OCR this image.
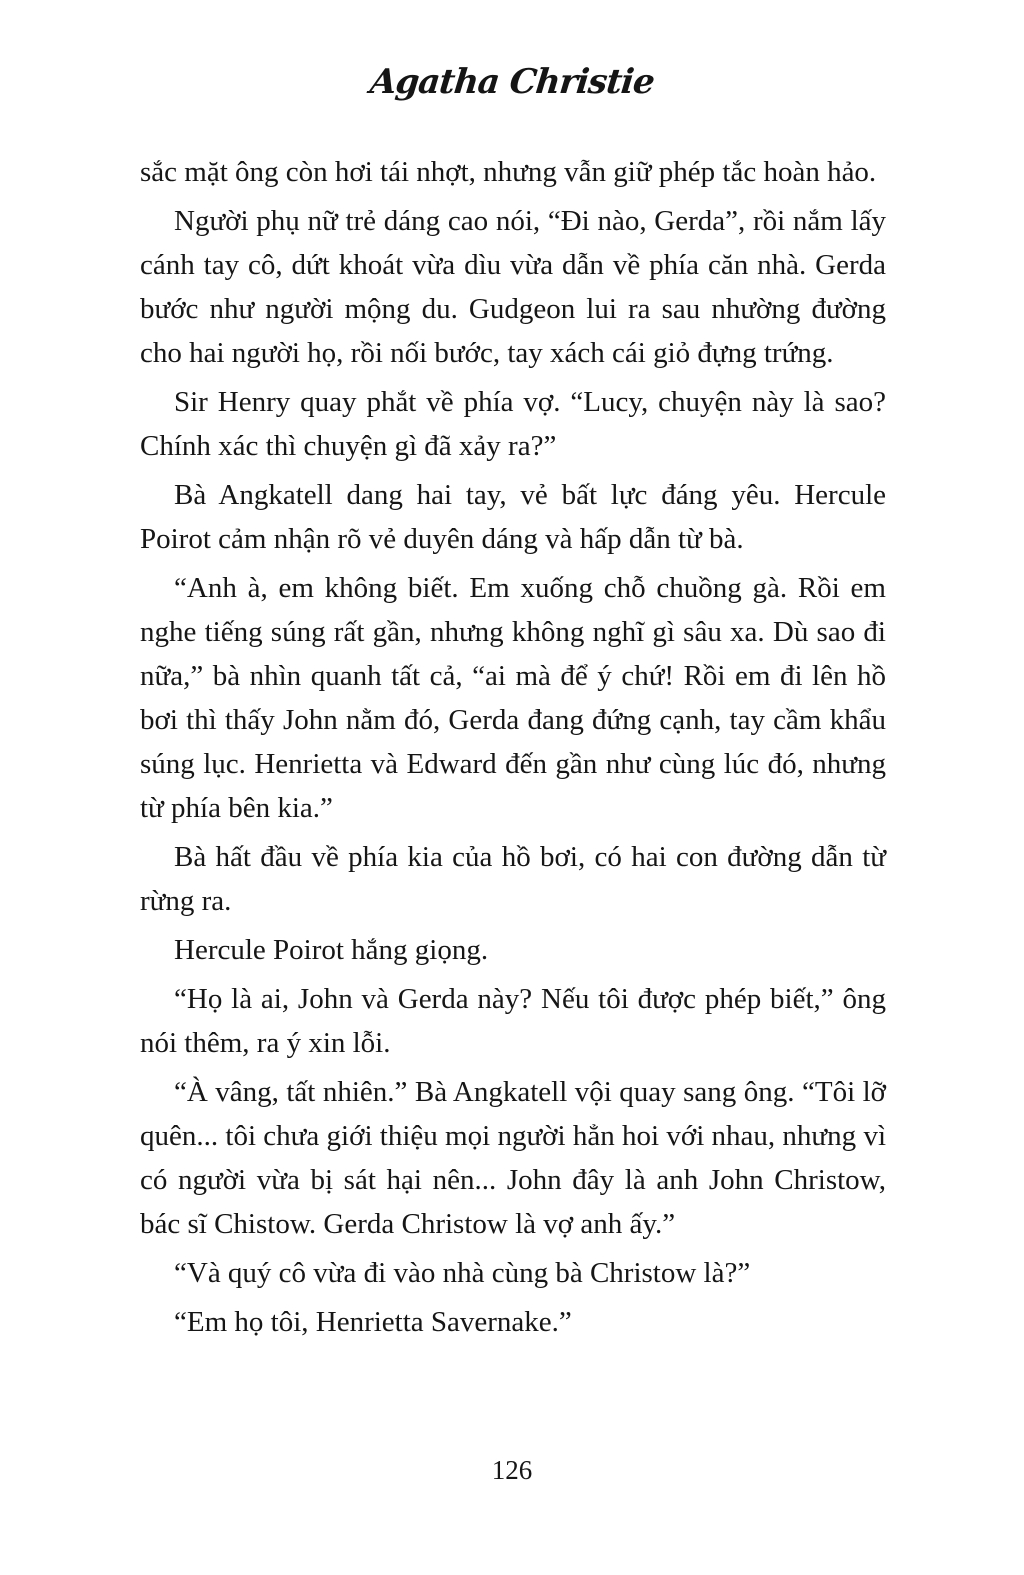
Agatha Christie

sắc mặt ông còn hơi tái nhợt, nhưng vẫn giữ phép tắc hoàn hảo.

Người phụ nữ trẻ dáng cao nói, “Đi nào, Gerda”, rồi nắm lấy cánh tay cô, dứt khoát vừa dìu vừa dẫn về phía căn nhà. Gerda bước như người mộng du. Gudgeon lui ra sau nhường đường cho hai người họ, rồi nối bước, tay xách cái giỏ đựng trứng.

Sir Henry quay phắt về phía vợ. “Lucy, chuyện này là sao? Chính xác thì chuyện gì đã xảy ra?”

Bà Angkatell dang hai tay, vẻ bất lực đáng yêu. Hercule Poirot cảm nhận rõ vẻ duyên dáng và hấp dẫn từ bà.

“Anh à, em không biết. Em xuống chỗ chuồng gà. Rồi em nghe tiếng súng rất gần, nhưng không nghĩ gì sâu xa. Dù sao đi nữa,” bà nhìn quanh tất cả, “ai mà để ý chứ! Rồi em đi lên hồ bơi thì thấy John nằm đó, Gerda đang đứng cạnh, tay cầm khẩu súng lục. Henrietta và Edward đến gần như cùng lúc đó, nhưng từ phía bên kia.”

Bà hất đầu về phía kia của hồ bơi, có hai con đường dẫn từ rừng ra.

Hercule Poirot hắng giọng.

“Họ là ai, John và Gerda này? Nếu tôi được phép biết,” ông nói thêm, ra ý xin lỗi.

“À vâng, tất nhiên.” Bà Angkatell vội quay sang ông. “Tôi lỡ quên... tôi chưa giới thiệu mọi người hẳn hoi với nhau, nhưng vì có người vừa bị sát hại nên... John đây là anh John Christow, bác sĩ Chistow. Gerda Christow là vợ anh ấy.”

“Và quý cô vừa đi vào nhà cùng bà Christow là?”

“Em họ tôi, Henrietta Savernake.”

126
